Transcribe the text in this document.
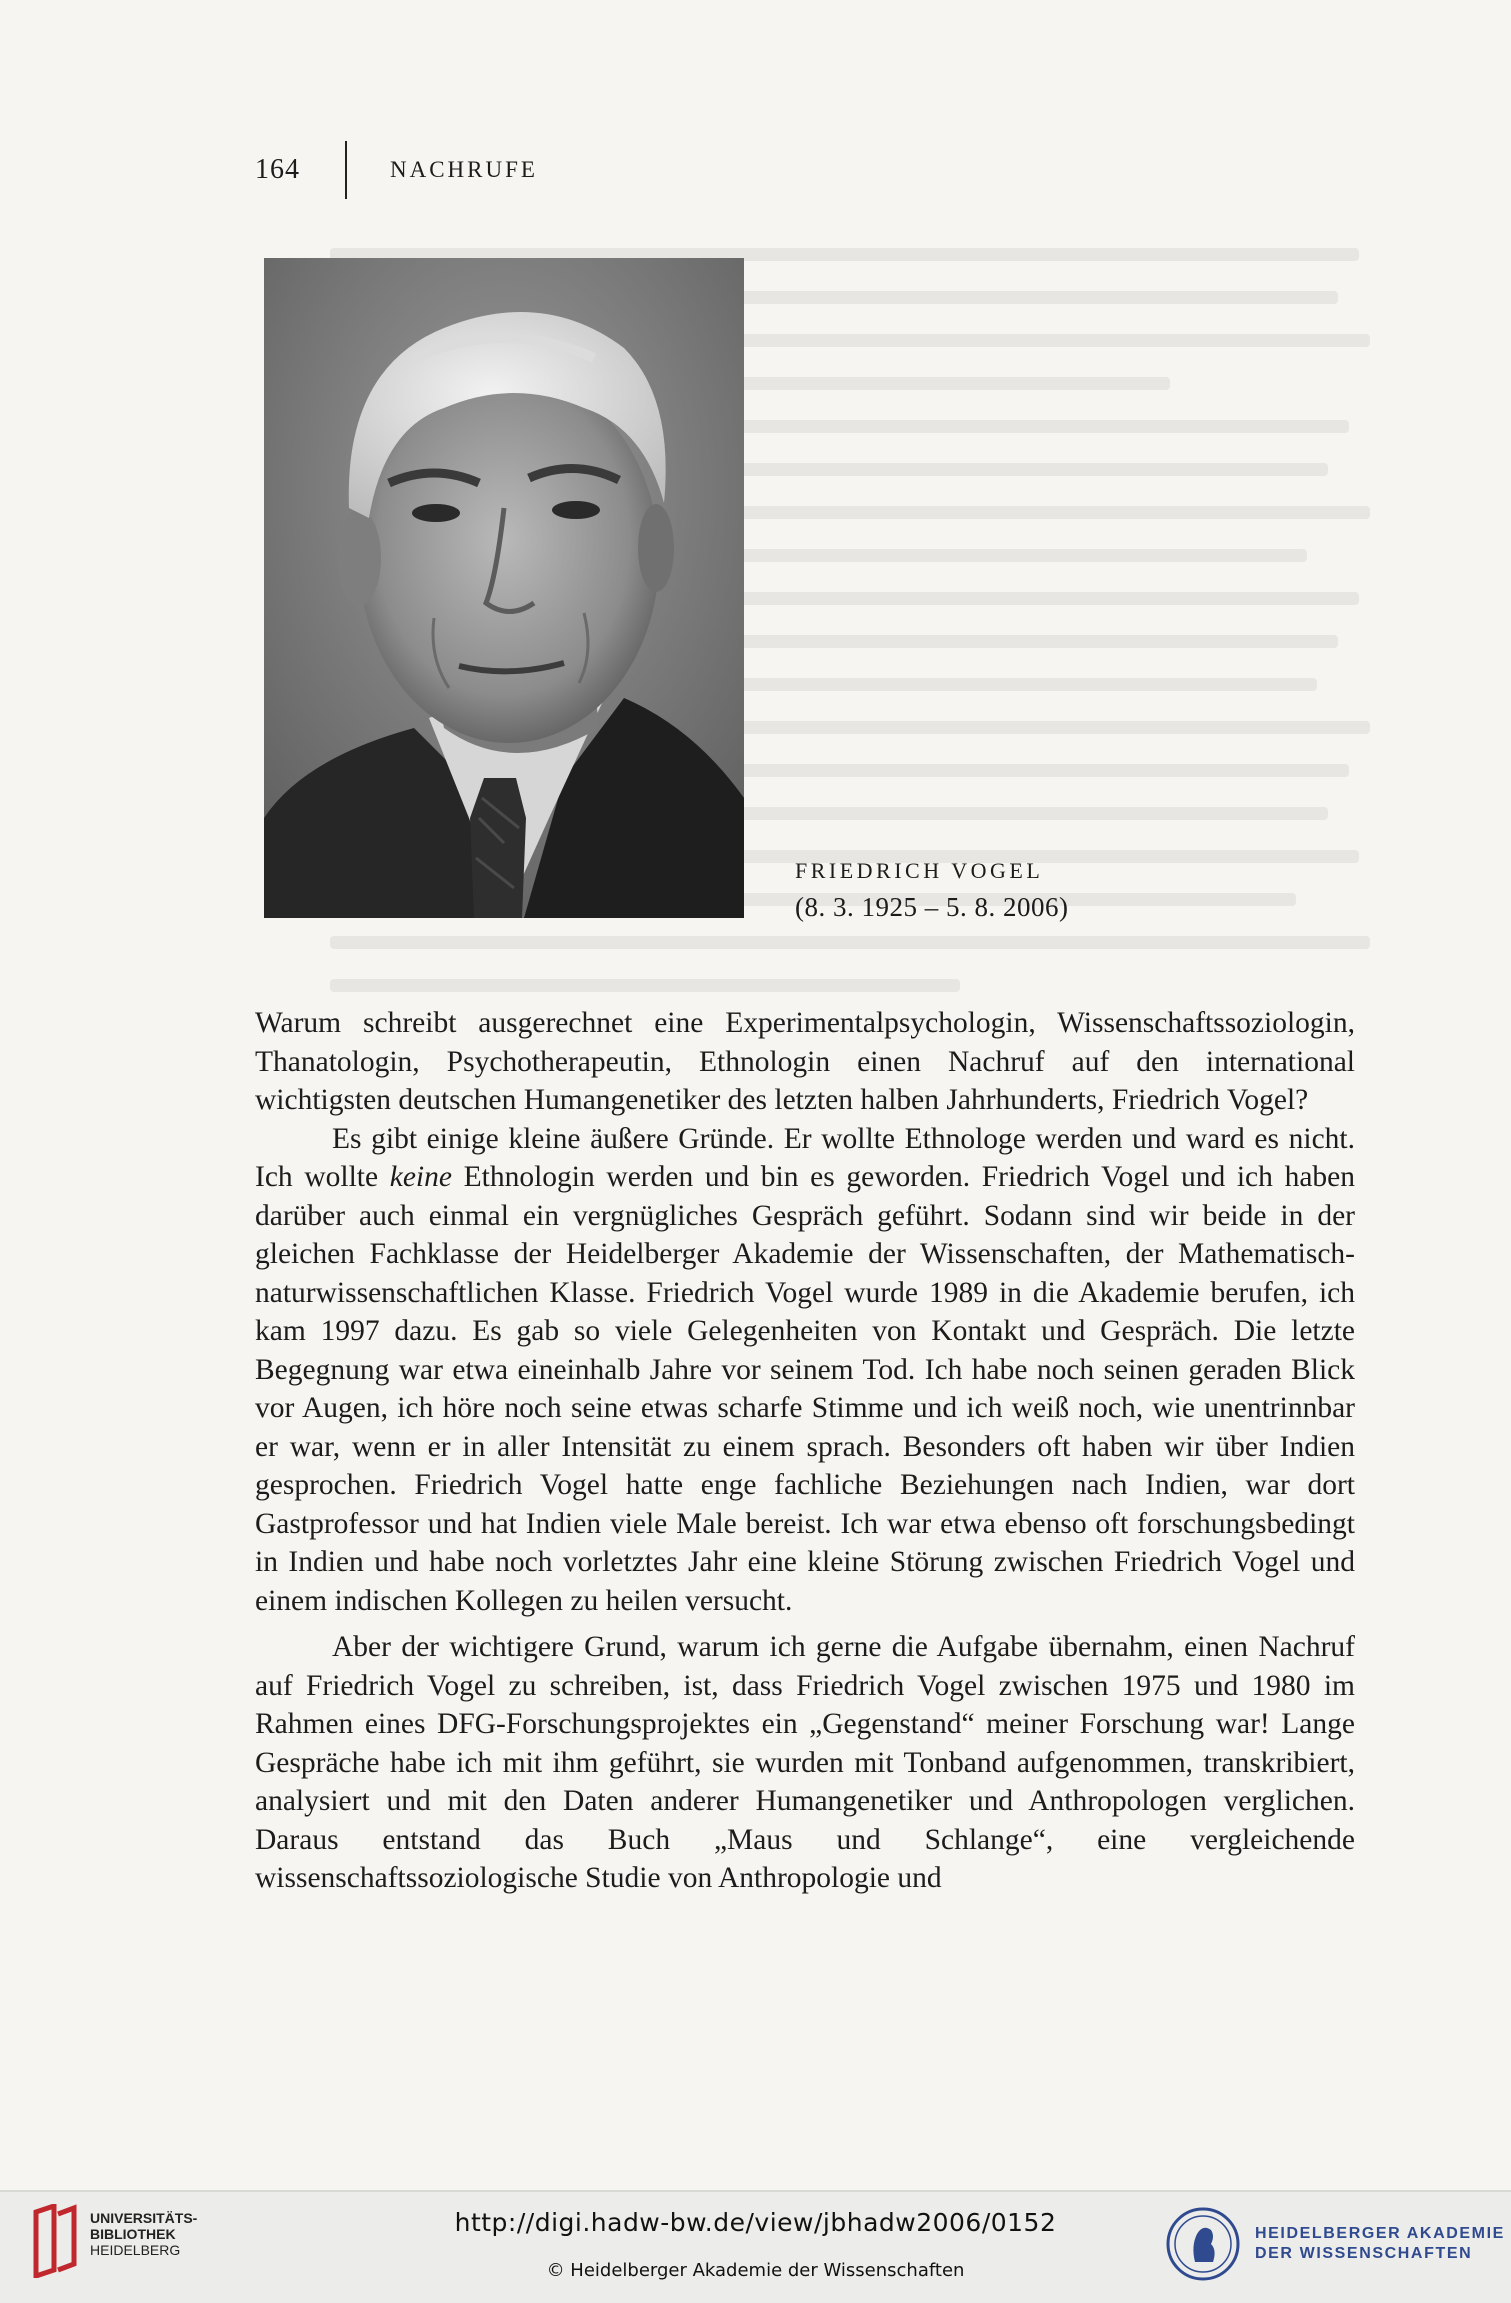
164	NACHRUFE
FRIEDRICH VOGEL
(8. 3. 1925 – 5. 8. 2006)

Warum schreibt ausgerechnet eine Experimentalpsychologin, Wissenschaftssoziologin, Thanatologin, Psychotherapeutin, Ethnologin einen Nachruf auf den international wichtigsten deutschen Humangenetiker des letzten halben Jahrhunderts, Friedrich Vogel?

Es gibt einige kleine äußere Gründe. Er wollte Ethnologe werden und ward es nicht. Ich wollte keine Ethnologin werden und bin es geworden. Friedrich Vogel und ich haben darüber auch einmal ein vergnügliches Gespräch geführt. Sodann sind wir beide in der gleichen Fachklasse der Heidelberger Akademie der Wissenschaften, der Mathematisch-naturwissenschaftlichen Klasse. Friedrich Vogel wurde 1989 in die Akademie berufen, ich kam 1997 dazu. Es gab so viele Gelegenheiten von Kontakt und Gespräch. Die letzte Begegnung war etwa eineinhalb Jahre vor seinem Tod. Ich habe noch seinen geraden Blick vor Augen, ich höre noch seine etwas scharfe Stimme und ich weiß noch, wie unentrinnbar er war, wenn er in aller Intensität zu einem sprach. Besonders oft haben wir über Indien gesprochen. Friedrich Vogel hatte enge fachliche Beziehungen nach Indien, war dort Gastprofessor und hat Indien viele Male bereist. Ich war etwa ebenso oft forschungsbedingt in Indien und habe noch vorletztes Jahr eine kleine Störung zwischen Friedrich Vogel und einem indischen Kollegen zu heilen versucht.

Aber der wichtigere Grund, warum ich gerne die Aufgabe übernahm, einen Nachruf auf Friedrich Vogel zu schreiben, ist, dass Friedrich Vogel zwischen 1975 und 1980 im Rahmen eines DFG-Forschungsprojektes ein „Gegenstand“ meiner Forschung war! Lange Gespräche habe ich mit ihm geführt, sie wurden mit Tonband aufgenommen, transkribiert, analysiert und mit den Daten anderer Humangenetiker und Anthropologen verglichen. Daraus entstand das Buch „Maus und Schlange“, eine vergleichende wissenschaftssoziologische Studie von Anthropologie und

UNIVERSITÄTS-
BIBLIOTHEK
HEIDELBERG
http://digi.hadw-bw.de/view/jbhadw2006/0152
© Heidelberger Akademie der Wissenschaften
HEIDELBERGER AKADEMIE
DER WISSENSCHAFTEN
